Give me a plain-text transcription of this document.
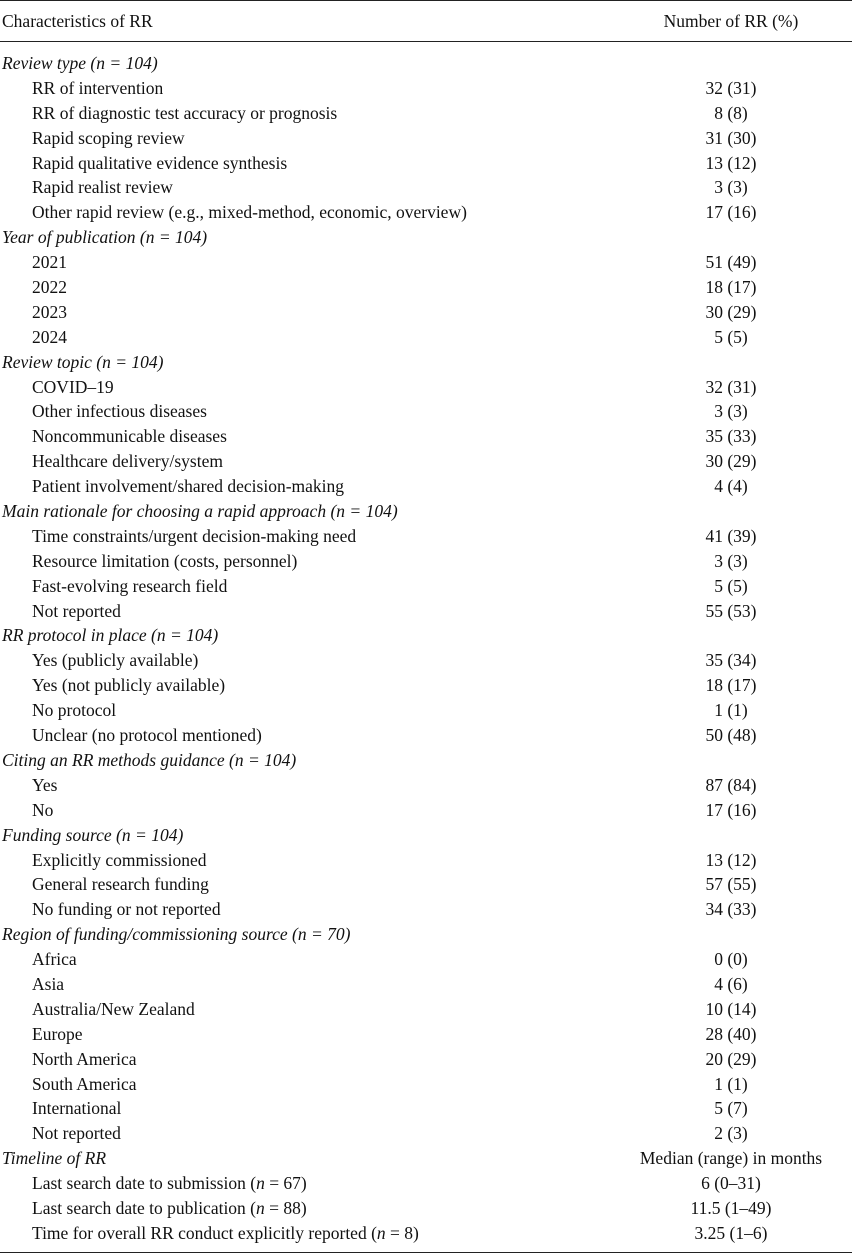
Characteristics of RR	Number of RR (%)
Review type (n = 104)
RR of intervention	32 (31)
RR of diagnostic test accuracy or prognosis	8 (8)
Rapid scoping review	31 (30)
Rapid qualitative evidence synthesis	13 (12)
Rapid realist review	3 (3)
Other rapid review (e.g., mixed-method, economic, overview)	17 (16)
Year of publication (n = 104)
2021	51 (49)
2022	18 (17)
2023	30 (29)
2024	5 (5)
Review topic (n = 104)
COVID–19	32 (31)
Other infectious diseases	3 (3)
Noncommunicable diseases	35 (33)
Healthcare delivery/system	30 (29)
Patient involvement/shared decision-making	4 (4)
Main rationale for choosing a rapid approach (n = 104)
Time constraints/urgent decision-making need	41 (39)
Resource limitation (costs, personnel)	3 (3)
Fast-evolving research field	5 (5)
Not reported	55 (53)
RR protocol in place (n = 104)
Yes (publicly available)	35 (34)
Yes (not publicly available)	18 (17)
No protocol	1 (1)
Unclear (no protocol mentioned)	50 (48)
Citing an RR methods guidance (n = 104)
Yes	87 (84)
No	17 (16)
Funding source (n = 104)
Explicitly commissioned	13 (12)
General research funding	57 (55)
No funding or not reported	34 (33)
Region of funding/commissioning source (n = 70)
Africa	0 (0)
Asia	4 (6)
Australia/New Zealand	10 (14)
Europe	28 (40)
North America	20 (29)
South America	1 (1)
International	5 (7)
Not reported	2 (3)
Timeline of RR	Median (range) in months
Last search date to submission (n = 67)	6 (0–31)
Last search date to publication (n = 88)	11.5 (1–49)
Time for overall RR conduct explicitly reported (n = 8)	3.25 (1–6)
